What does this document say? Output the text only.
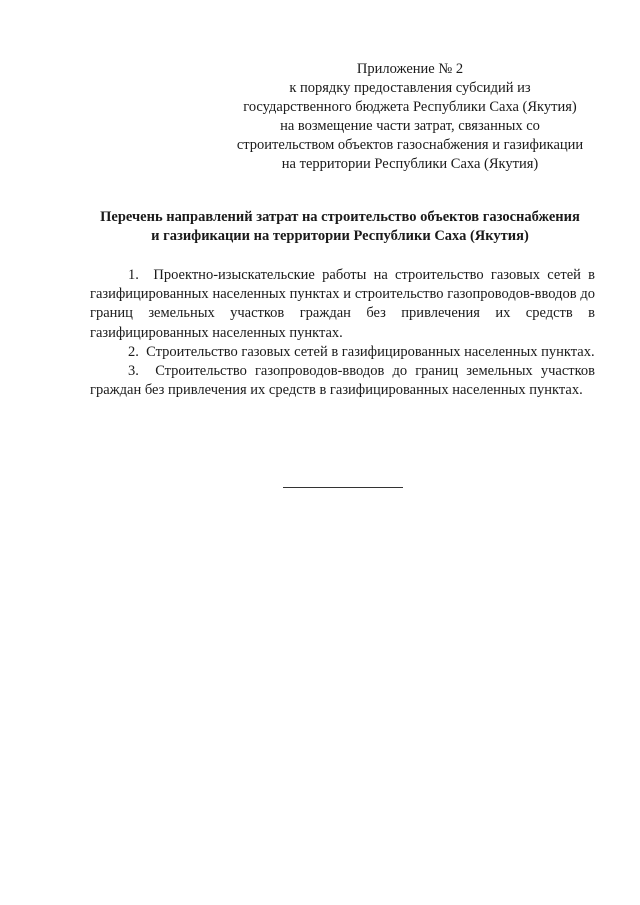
Приложение № 2
к порядку предоставления субсидий из
государственного бюджета Республики Саха (Якутия)
на возмещение части затрат, связанных со
строительством объектов газоснабжения и газификации
на территории Республики Саха (Якутия)
Перечень направлений затрат на строительство объектов газоснабжения
и газификации на территории Республики Саха (Якутия)

1. Проектно-изыскательские работы на строительство газовых сетей в газифицированных населенных пунктах и строительство газопроводов-вводов до границ земельных участков граждан без привлечения их средств в газифицированных населенных пунктах.

2. Строительство газовых сетей в газифицированных населенных пунктах.

3. Строительство газопроводов-вводов до границ земельных участков граждан без привлечения их средств в газифицированных населенных пунктах.
